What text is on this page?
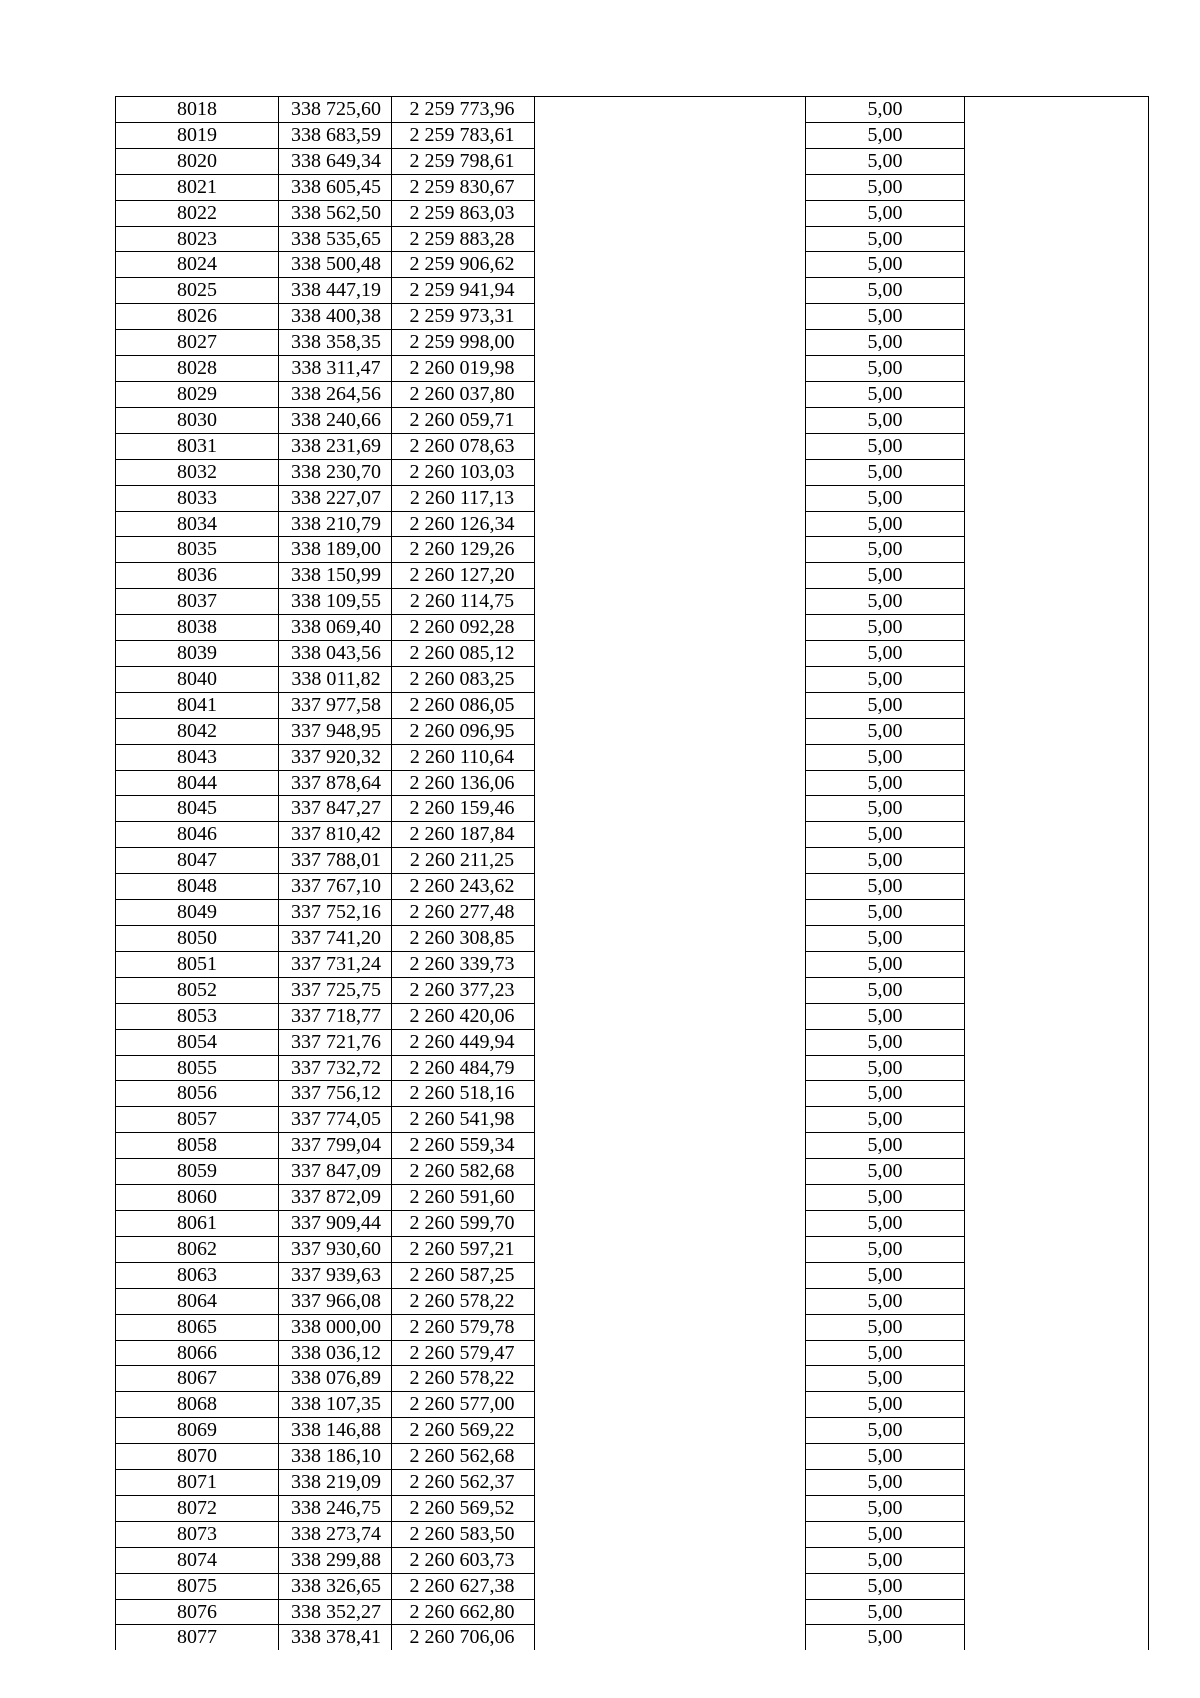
8018	338 725,60	2 259 773,96		5,00	
8019	338 683,59	2 259 783,61		5,00	
8020	338 649,34	2 259 798,61		5,00	
8021	338 605,45	2 259 830,67		5,00	
8022	338 562,50	2 259 863,03		5,00	
8023	338 535,65	2 259 883,28		5,00	
8024	338 500,48	2 259 906,62		5,00	
8025	338 447,19	2 259 941,94		5,00	
8026	338 400,38	2 259 973,31		5,00	
8027	338 358,35	2 259 998,00		5,00	
8028	338 311,47	2 260 019,98		5,00	
8029	338 264,56	2 260 037,80		5,00	
8030	338 240,66	2 260 059,71		5,00	
8031	338 231,69	2 260 078,63		5,00	
8032	338 230,70	2 260 103,03		5,00	
8033	338 227,07	2 260 117,13		5,00	
8034	338 210,79	2 260 126,34		5,00	
8035	338 189,00	2 260 129,26		5,00	
8036	338 150,99	2 260 127,20		5,00	
8037	338 109,55	2 260 114,75		5,00	
8038	338 069,40	2 260 092,28		5,00	
8039	338 043,56	2 260 085,12		5,00	
8040	338 011,82	2 260 083,25		5,00	
8041	337 977,58	2 260 086,05		5,00	
8042	337 948,95	2 260 096,95		5,00	
8043	337 920,32	2 260 110,64		5,00	
8044	337 878,64	2 260 136,06		5,00	
8045	337 847,27	2 260 159,46		5,00	
8046	337 810,42	2 260 187,84		5,00	
8047	337 788,01	2 260 211,25		5,00	
8048	337 767,10	2 260 243,62		5,00	
8049	337 752,16	2 260 277,48		5,00	
8050	337 741,20	2 260 308,85		5,00	
8051	337 731,24	2 260 339,73		5,00	
8052	337 725,75	2 260 377,23		5,00	
8053	337 718,77	2 260 420,06		5,00	
8054	337 721,76	2 260 449,94		5,00	
8055	337 732,72	2 260 484,79		5,00	
8056	337 756,12	2 260 518,16		5,00	
8057	337 774,05	2 260 541,98		5,00	
8058	337 799,04	2 260 559,34		5,00	
8059	337 847,09	2 260 582,68		5,00	
8060	337 872,09	2 260 591,60		5,00	
8061	337 909,44	2 260 599,70		5,00	
8062	337 930,60	2 260 597,21		5,00	
8063	337 939,63	2 260 587,25		5,00	
8064	337 966,08	2 260 578,22		5,00	
8065	338 000,00	2 260 579,78		5,00	
8066	338 036,12	2 260 579,47		5,00	
8067	338 076,89	2 260 578,22		5,00	
8068	338 107,35	2 260 577,00		5,00	
8069	338 146,88	2 260 569,22		5,00	
8070	338 186,10	2 260 562,68		5,00	
8071	338 219,09	2 260 562,37		5,00	
8072	338 246,75	2 260 569,52		5,00	
8073	338 273,74	2 260 583,50		5,00	
8074	338 299,88	2 260 603,73		5,00	
8075	338 326,65	2 260 627,38		5,00	
8076	338 352,27	2 260 662,80		5,00	
8077	338 378,41	2 260 706,06		5,00	
